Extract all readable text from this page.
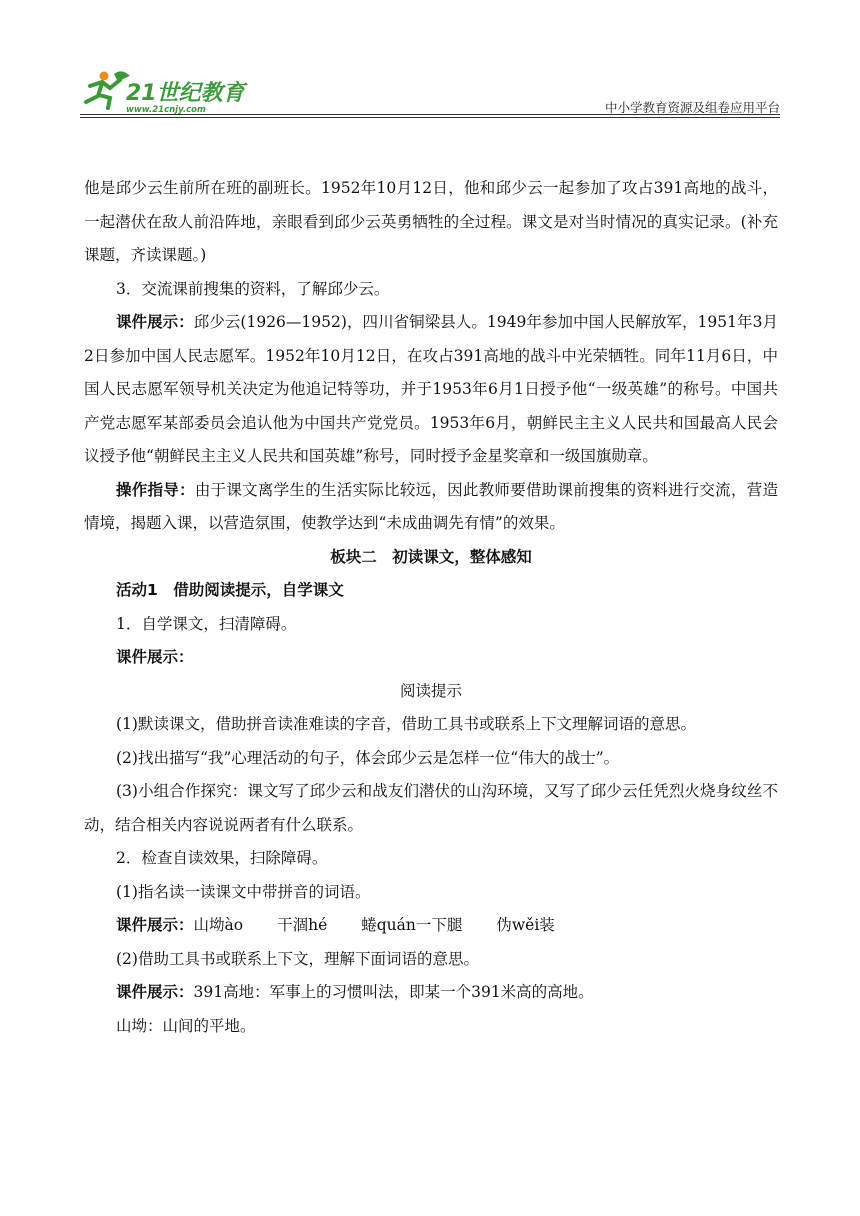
21世纪教育
www.21cnjy.com	中小学教育资源及组卷应用平台

他是邱少云生前所在班的副班长。1952年10月12日，他和邱少云一起参加了攻占391高地的战斗，一起潜伏在敌人前沿阵地，亲眼看到邱少云英勇牺牲的全过程。课文是对当时情况的真实记录。(补充课题，齐读课题。)

3．交流课前搜集的资料，了解邱少云。

课件展示：邱少云(1926—1952)，四川省铜梁县人。1949年参加中国人民解放军，1951年3月2日参加中国人民志愿军。1952年10月12日，在攻占391高地的战斗中光荣牺牲。同年11月6日，中国人民志愿军领导机关决定为他追记特等功，并于1953年6月1日授予他“一级英雄”的称号。中国共产党志愿军某部委员会追认他为中国共产党党员。1953年6月，朝鲜民主主义人民共和国最高人民会议授予他“朝鲜民主主义人民共和国英雄”称号，同时授予金星奖章和一级国旗勋章。

操作指导：由于课文离学生的生活实际比较远，因此教师要借助课前搜集的资料进行交流，营造情境，揭题入课，以营造氛围，使教学达到“未成曲调先有情”的效果。

板块二　初读课文，整体感知

活动1　借助阅读提示，自学课文

1．自学课文，扫清障碍。

课件展示：

阅读提示

(1)默读课文，借助拼音读准难读的字音，借助工具书或联系上下文理解词语的意思。

(2)找出描写“我”心理活动的句子，体会邱少云是怎样一位“伟大的战士”。

(3)小组合作探究：课文写了邱少云和战友们潜伏的山沟环境，又写了邱少云任凭烈火烧身纹丝不动，结合相关内容说说两者有什么联系。

2．检查自读效果，扫除障碍。

(1)指名读一读课文中带拼音的词语。

课件展示：山坳ào 干涸hé 蜷quán一下腿 伪wěi装

(2)借助工具书或联系上下文，理解下面词语的意思。

课件展示：391高地：军事上的习惯叫法，即某一个391米高的高地。

山坳：山间的平地。
